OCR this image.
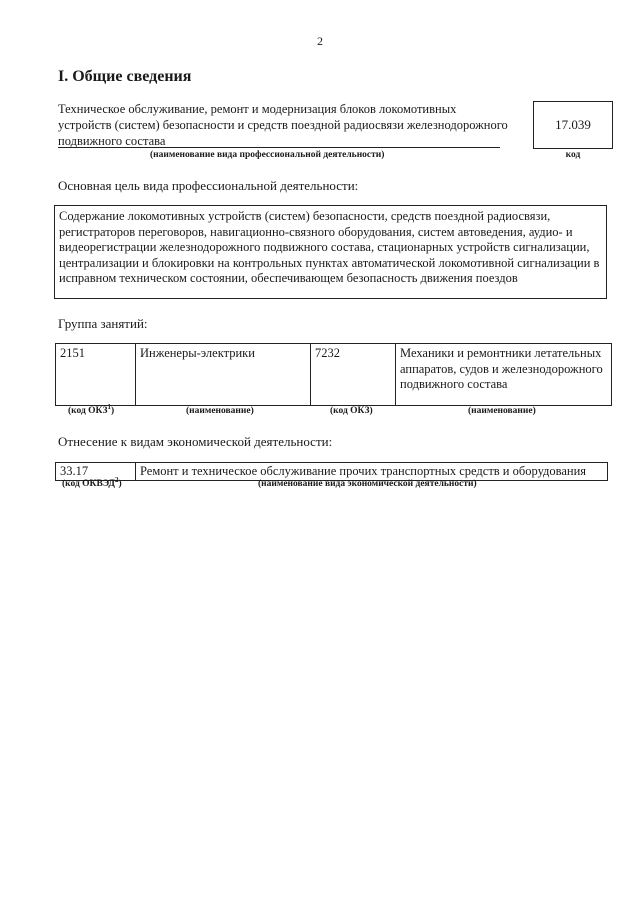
2
I. Общие сведения
Техническое обслуживание, ремонт и модернизация блоков локомотивных устройств (систем) безопасности и средств поездной радиосвязи железнодорожного подвижного состава
(наименование вида профессиональной деятельности)
17.039
код
Основная цель вида профессиональной деятельности:
Содержание локомотивных устройств (систем) безопасности, средств поездной радиосвязи, регистраторов переговоров, навигационно-связного оборудования, систем автоведения, аудио- и видеорегистрации железнодорожного подвижного состава, стационарных устройств сигнализации, централизации и блокировки на контрольных пунктах автоматической локомотивной сигнализации в исправном техническом состоянии, обеспечивающем безопасность движения поездов
Группа занятий:
2151	Инженеры-электрики	7232	Механики и ремонтники летательных аппаратов, судов и железнодорожного подвижного состава
(код ОКЗ$^1$)	(наименование)	(код ОКЗ)	(наименование)
Отнесение к видам экономической деятельности:
33.17	Ремонт и техническое обслуживание прочих транспортных средств и оборудования
(код ОКВЭД$^2$)	(наименование вида экономической деятельности)
